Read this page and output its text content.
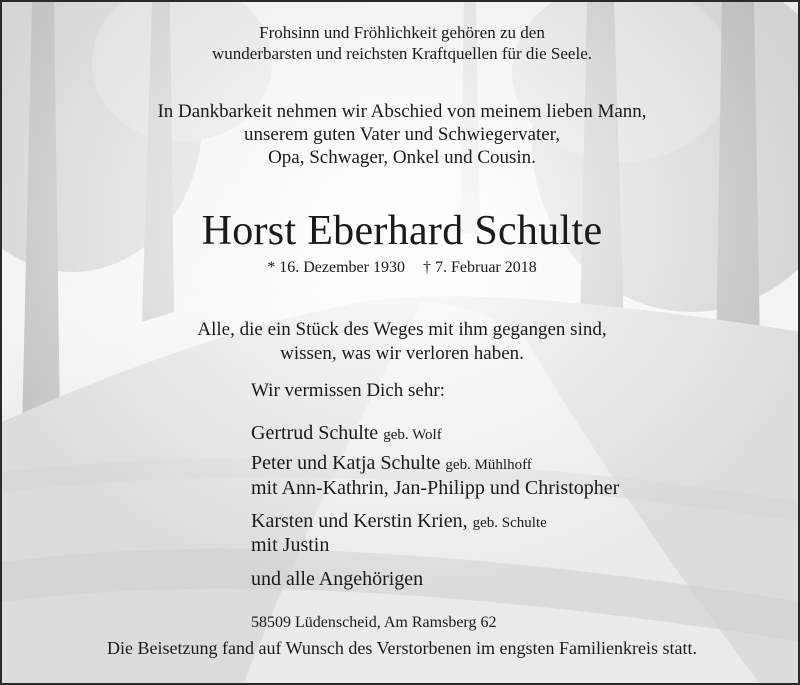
Frohsinn und Fröhlichkeit gehören zu den
wunderbarsten und reichsten Kraftquellen für die Seele.
In Dankbarkeit nehmen wir Abschied von meinem lieben Mann,
unserem guten Vater und Schwiegervater,
Opa, Schwager, Onkel und Cousin.
Horst Eberhard Schulte
* 16. Dezember 1930 † 7. Februar 2018
Alle, die ein Stück des Weges mit ihm gegangen sind,
wissen, was wir verloren haben.
Wir vermissen Dich sehr:
Gertrud Schulte geb. Wolf
Peter und Katja Schulte geb. Mühlhoff
mit Ann-Kathrin, Jan-Philipp und Christopher
Karsten und Kerstin Krien, geb. Schulte
mit Justin
und alle Angehörigen
58509 Lüdenscheid, Am Ramsberg 62
Die Beisetzung fand auf Wunsch des Verstorbenen im engsten Familienkreis statt.
